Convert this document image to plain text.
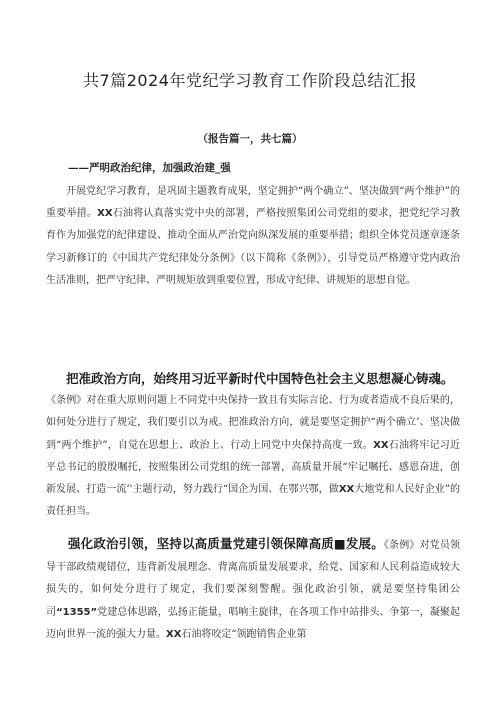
共7篇2024年党纪学习教育工作阶段总结汇报
（报告篇一，共七篇）
——严明政治纪律，加强政治建_强

开展党纪学习教育，是巩固主题教育成果，坚定拥护“两个确立”、坚决做到“两个维护”的重要举措。XX石油将认真落实党中央的部署，严格按照集团公司党组的要求，把党纪学习教育作为加强党的纪律建设、推动全面从严治党向纵深发展的重要举措；组织全体党员逐章逐条学习新修订的《中国共产党纪律处分条例》（以下简称《条例》），引导党员严格遵守党内政治生活准则，把严守纪律、严明规矩放到重要位置，形成守纪律、讲规矩的思想自觉。

把准政治方向，始终用习近平新时代中国特色社会主义思想凝心铸魂。
《条例》对在重大原则问题上不同党中央保持一致且有实际言论、行为或者造成不良后果的，如何处分进行了规定，我们要引以为戒。把准政治方向，就是要坚定拥护“两个确立’、坚决做到“两个维护”，自觉在思想上、政治上、行动上同党中央保持高度一致。XX石油将牢记习近平总书记的殷殷嘱托，按照集团公司党组的统一部署，高质量开展“牢记嘱托、感恩奋进，创新发展、打造一流’'主题行动，努力践行“国企为国、在鄂兴鄂，做XX大地党和人民好企业”的责任担当。

强化政治引领，坚持以高质量党建引领保障高质■发展。《条例》对党员领导干部政绩观错位，违背新发展理念、背离高质量发展要求，给党、国家和人民利益造成较大损失的，如何处分进行了规定，我们要深刻警醒。强化政治引领，就是要坚持集团公司“1355”党建总体思路，弘扬正能量，唱响主旋律，在各项工作中站排头、争第一，凝聚起迈向世界一流的强大力量。XX石油将咬定“领跑销售企业第
